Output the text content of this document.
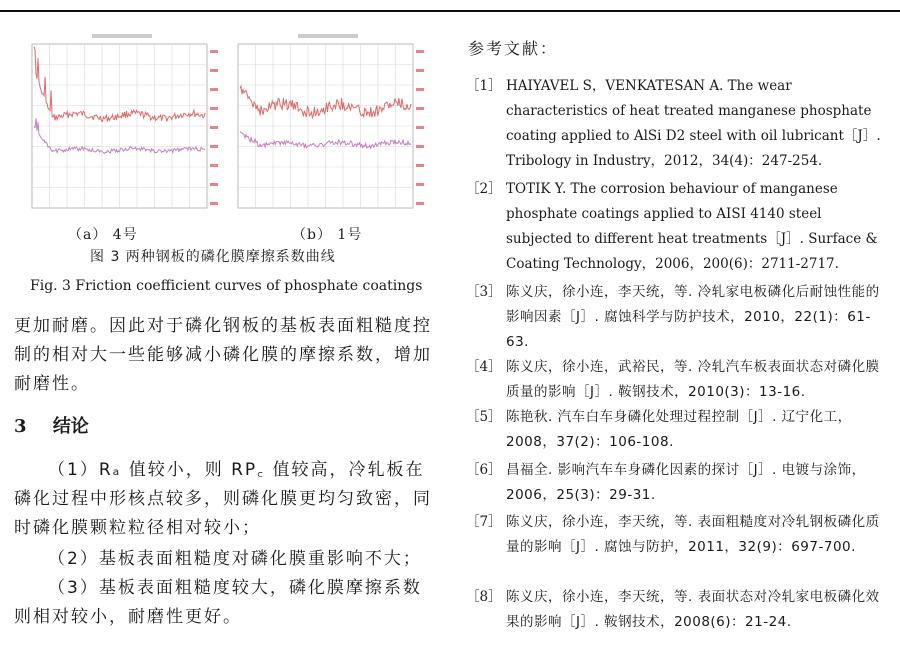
（a） 4号	（b） 1号
图 3 两种钢板的磷化膜摩擦系数曲线
Fig. 3 Friction coefficient curves of phosphate coatings
更加耐磨。因此对于磷化钢板的基板表面粗糙度控制的相对大一些能够减小磷化膜的摩擦系数，增加耐磨性。
3 结论
（1）Rₐ 值较小，则 RP꜀ 值较高，冷轧板在磷化过程中形核点较多，则磷化膜更均匀致密，同时磷化膜颗粒粒径相对较小；
（2）基板表面粗糙度对磷化膜重影响不大；
（3）基板表面粗糙度较大，磷化膜摩擦系数则相对较小，耐磨性更好。
参考文献：
［1］ HAIYAVEL S，VENKATESAN A. The wear characteristics of heat treated manganese phosphate coating applied to AlSi D2 steel with oil lubricant［J］. Tribology in Industry，2012，34(4)：247-254.
［2］ TOTIK Y. The corrosion behaviour of manganese phosphate coatings applied to AISI 4140 steel subjected to different heat treatments［J］. Surface & Coating Technology，2006，200(6)：2711-2717.
［3］ 陈义庆，徐小连，李天统，等. 冷轧家电板磷化后耐蚀性能的影响因素［J］. 腐蚀科学与防护技术，2010，22(1)：61-63.
［4］ 陈义庆，徐小连，武裕民，等. 冷轧汽车板表面状态对磷化膜质量的影响［J］. 鞍钢技术，2010(3)：13-16.
［5］ 陈艳秋. 汽车白车身磷化处理过程控制［J］. 辽宁化工，2008，37(2)：106-108.
［6］ 昌福全. 影响汽车车身磷化因素的探讨［J］. 电镀与涂饰，2006，25(3)：29-31.
［7］ 陈义庆，徐小连，李天统，等. 表面粗糙度对冷轧钢板磷化质量的影响［J］. 腐蚀与防护，2011，32(9)：697-700.
［8］ 陈义庆，徐小连，李天统，等. 表面状态对冷轧家电板磷化效果的影响［J］. 鞍钢技术，2008(6)：21-24.
